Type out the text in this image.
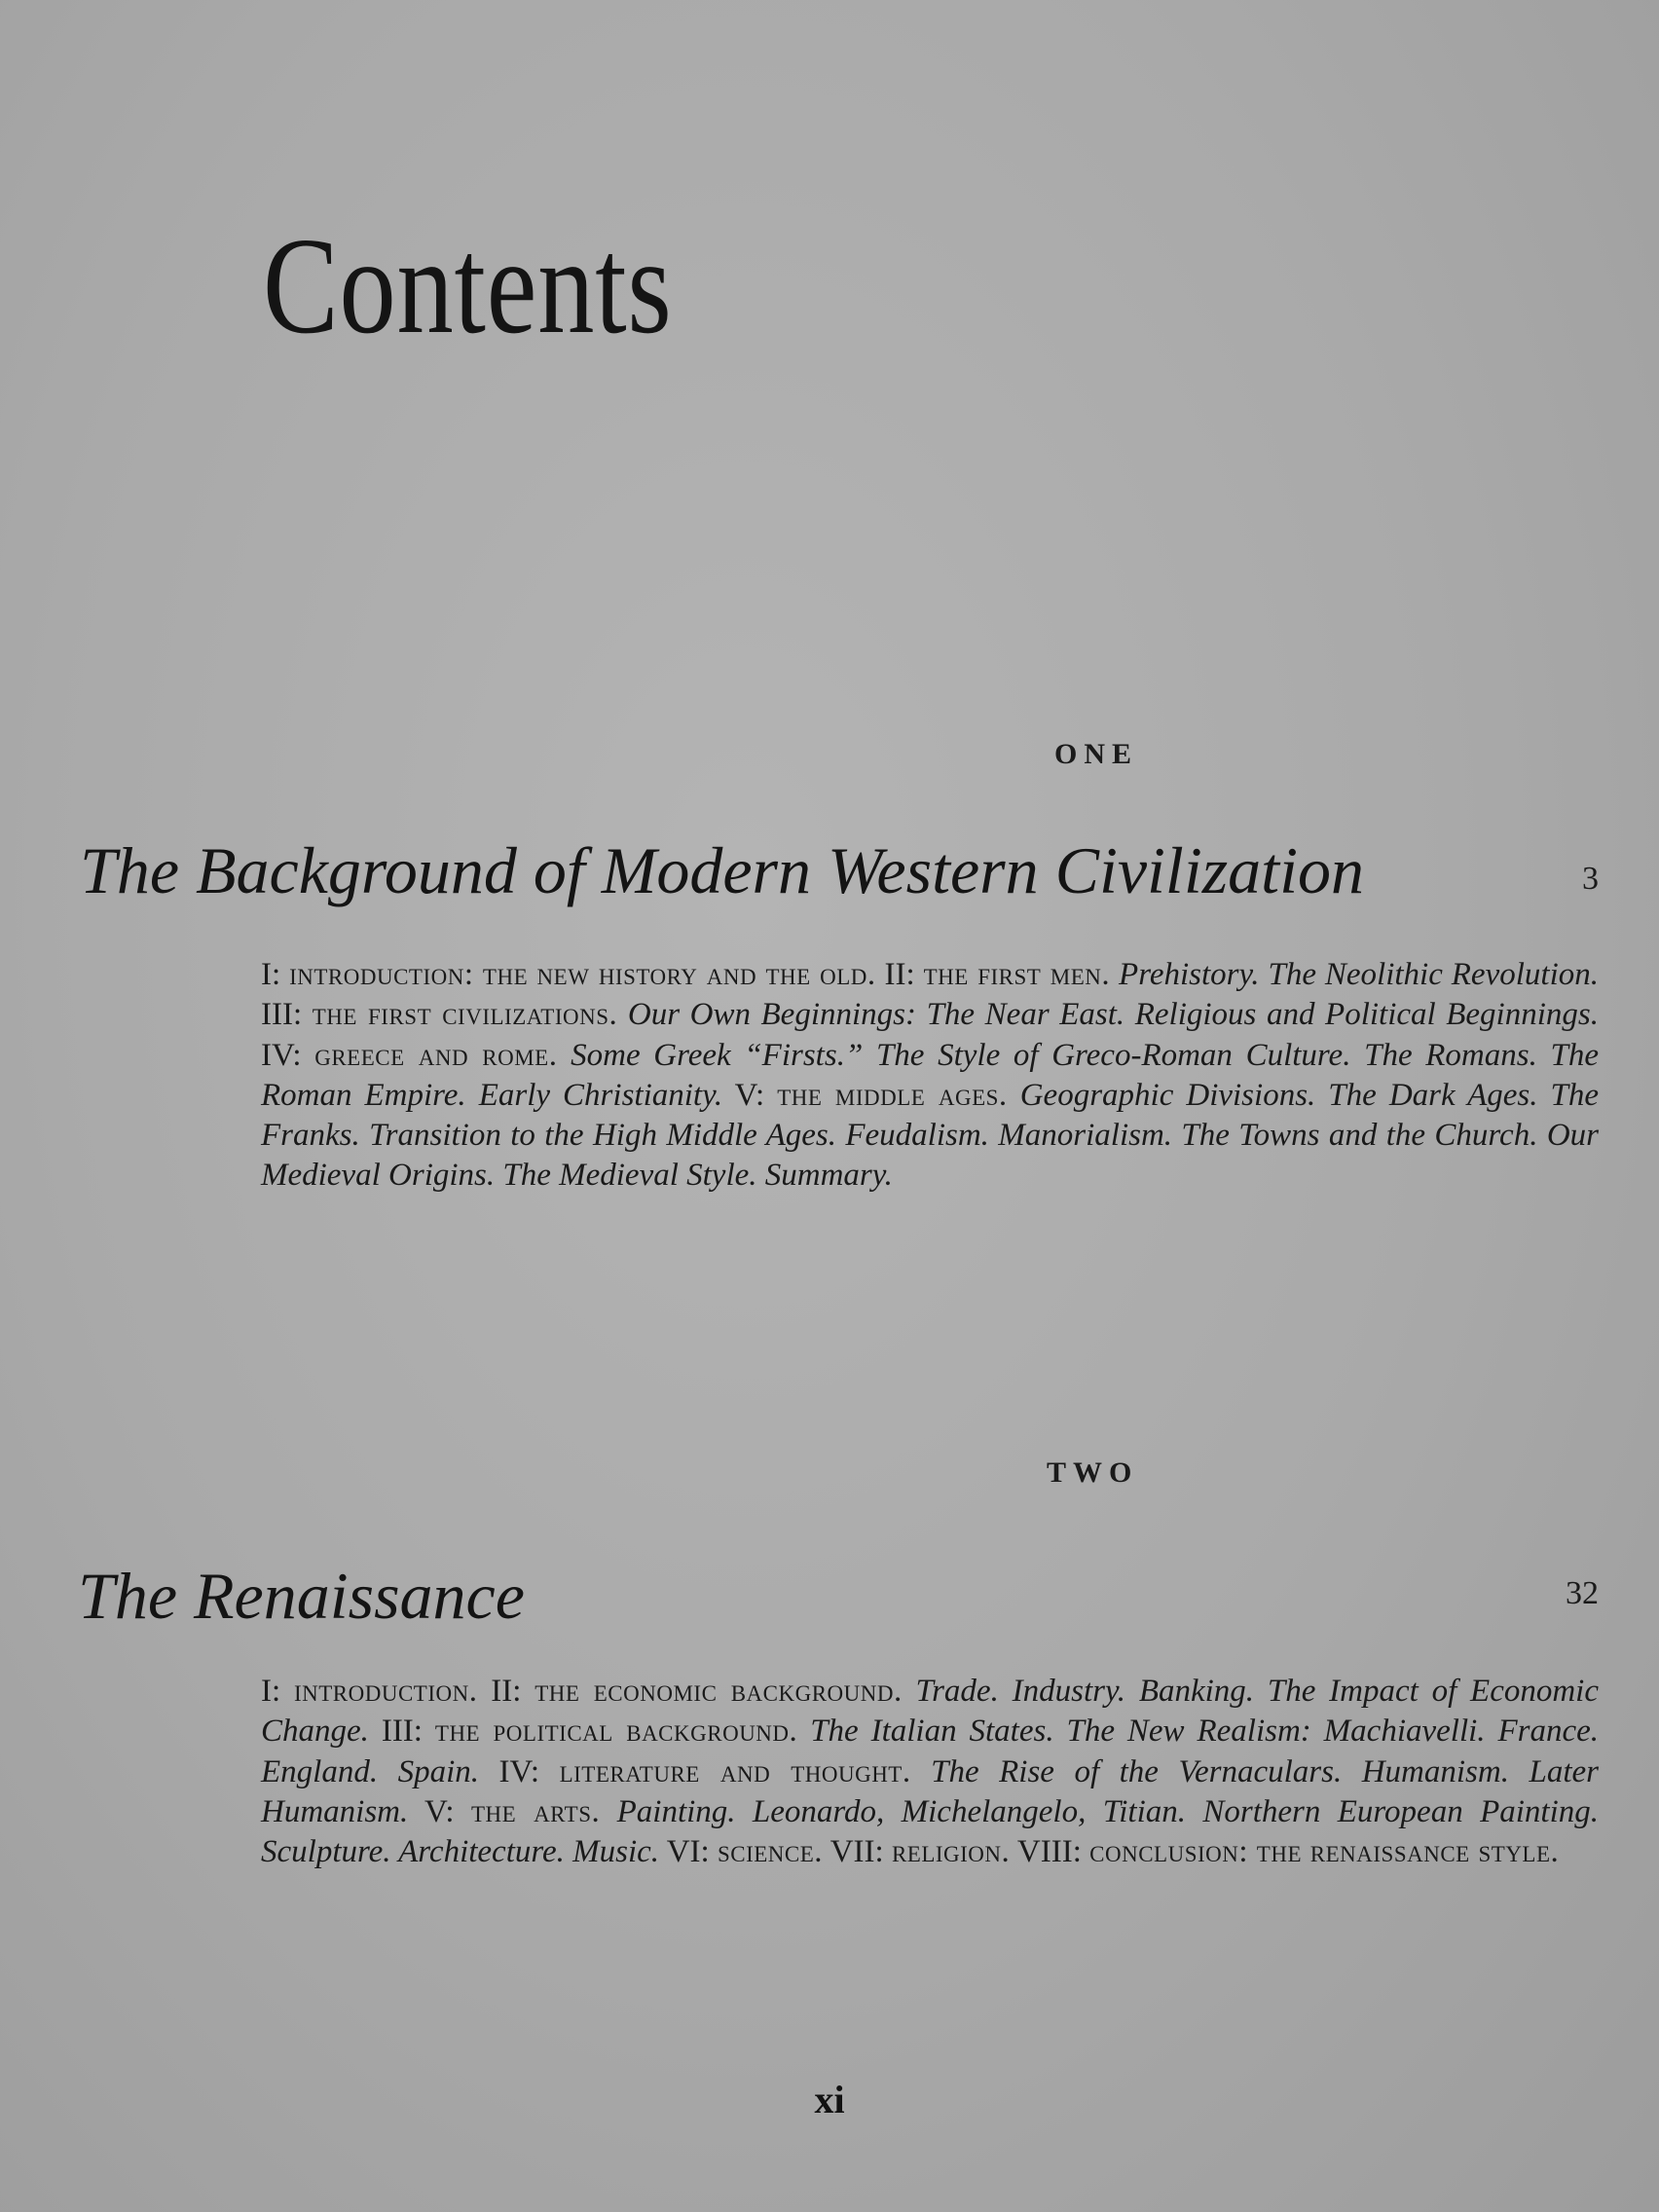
Contents
ONE
The Background of Modern Western Civilization	3
I: introduction: the new history and the old. II: the first men. Prehistory. The Neolithic Revolution. III: the first civilizations. Our Own Beginnings: The Near East. Religious and Political Beginnings. IV: greece and rome. Some Greek “Firsts.” The Style of Greco-Roman Culture. The Romans. The Roman Empire. Early Christianity. V: the middle ages. Geographic Divisions. The Dark Ages. The Franks. Transition to the High Middle Ages. Feudalism. Manorialism. The Towns and the Church. Our Medieval Origins. The Medieval Style. Summary.
TWO
The Renaissance	32
I: introduction. II: the economic background. Trade. Industry. Banking. The Impact of Economic Change. III: the political background. The Italian States. The New Realism: Machiavelli. France. England. Spain. IV: literature and thought. The Rise of the Vernaculars. Humanism. Later Humanism. V: the arts. Painting. Leonardo, Michelangelo, Titian. Northern European Painting. Sculpture. Architecture. Music. VI: science. VII: religion. VIII: conclusion: the renaissance style.
xi
